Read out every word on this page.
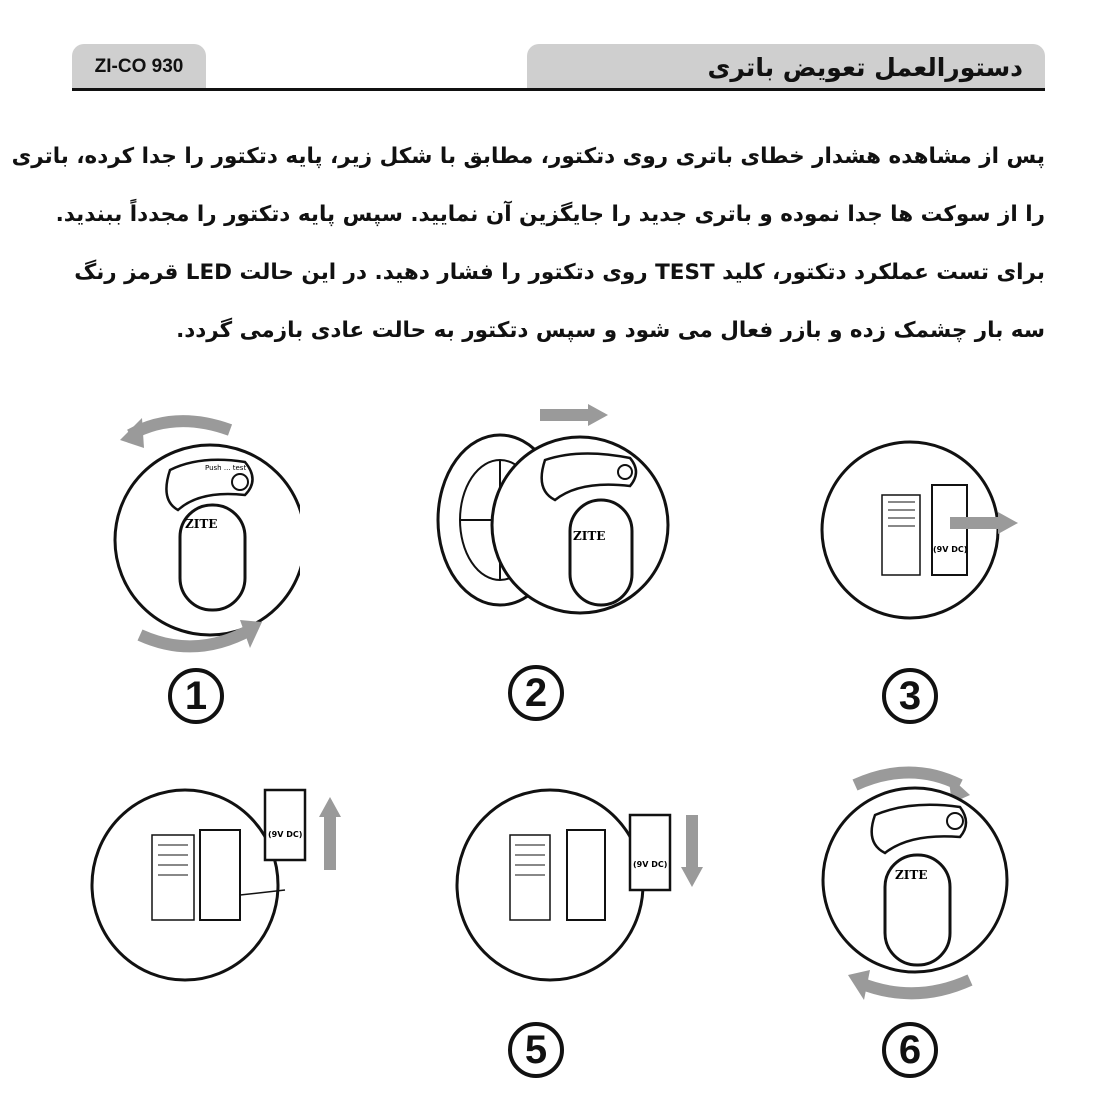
ZI-CO 930	دستورالعمل تعویض باتری

پس از مشاهده هشدار خطای باتری روی دتکتور، مطابق با شکل زیر، پایه دتکتور را جدا کرده، باتری

را از سوکت ها جدا نموده و باتری جدید را جایگزین آن نمایید. سپس پایه دتکتور را مجدداً ببندید.

برای تست عملکرد دتکتور، کلید TEST روی دتکتور را فشار دهید. در این حالت LED قرمز رنگ

سه بار چشمک زده و بازر فعال می شود و سپس دتکتور به حالت عادی بازمی گردد.

Push ... test
ZITE
1
ZITE
2
(9V DC)
3
(9V DC)
(9V DC)
5
ZITE
6
